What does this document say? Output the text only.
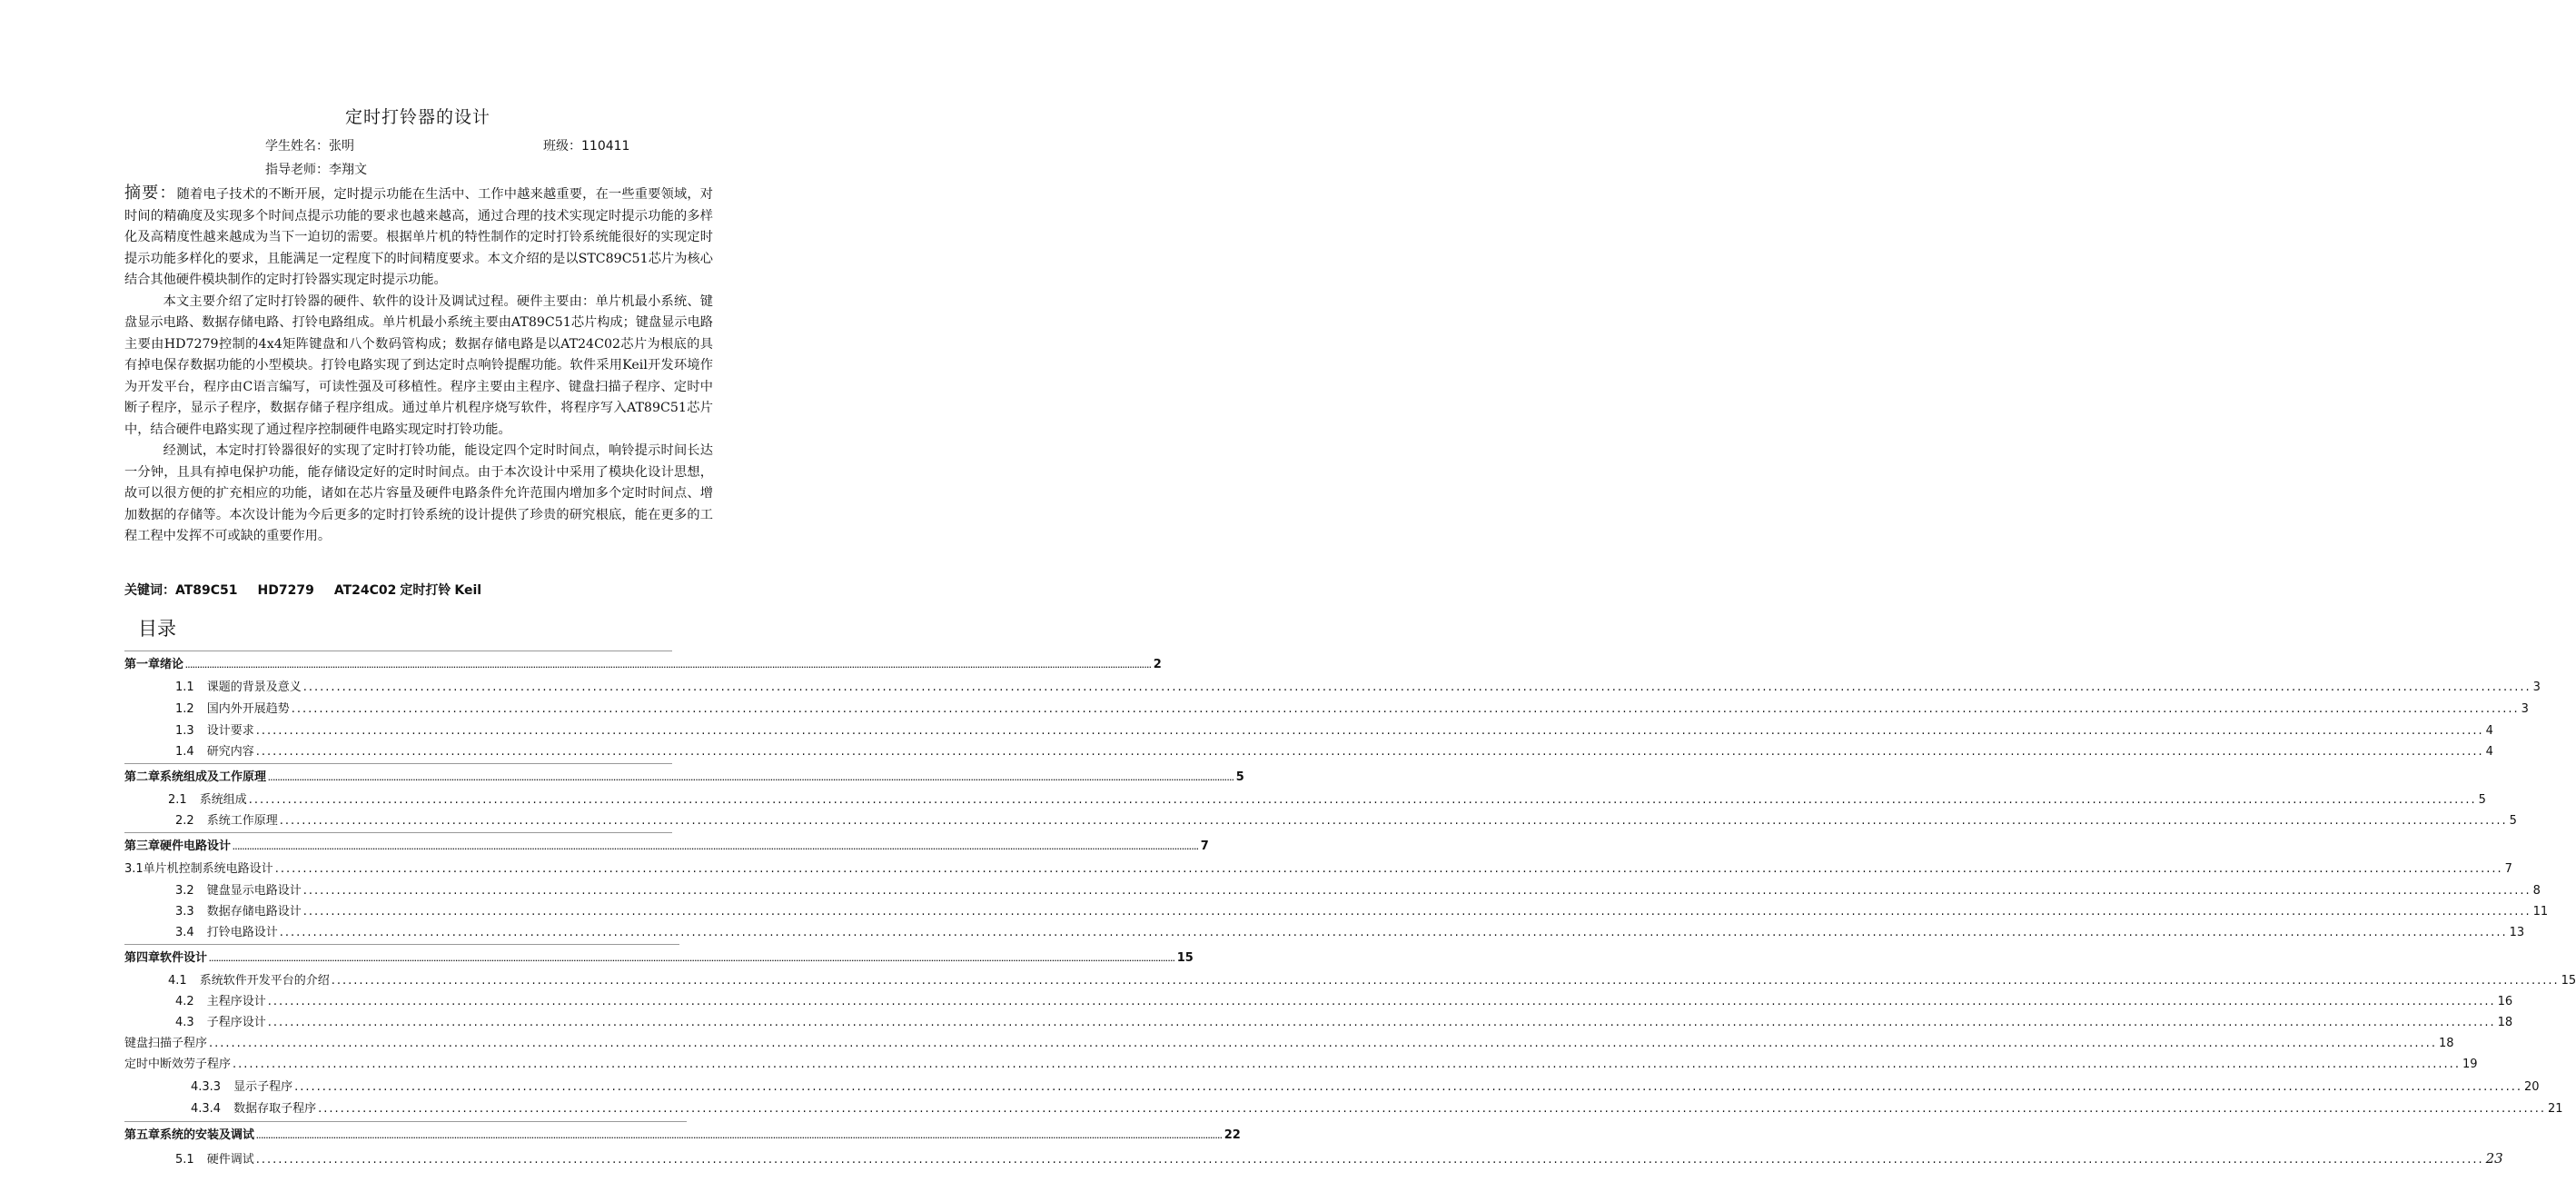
定时打铃器的设计
学生姓名：张明	班级：110411
指导老师：李翔文

摘要：随着电子技术的不断开展，定时提示功能在生活中、工作中越来越重要，在一些重要领域，对时间的精确度及实现多个时间点提示功能的要求也越来越高，通过合理的技术实现定时提示功能的多样化及高精度性越来越成为当下一迫切的需要。根据单片机的特性制作的定时打铃系统能很好的实现定时提示功能多样化的要求，且能满足一定程度下的时间精度要求。本文介绍的是以STC89C51芯片为核心结合其他硬件模块制作的定时打铃器实现定时提示功能。

本文主要介绍了定时打铃器的硬件、软件的设计及调试过程。硬件主要由：单片机最小系统、键盘显示电路、数据存储电路、打铃电路组成。单片机最小系统主要由AT89C51芯片构成；键盘显示电路主要由HD7279控制的4x4矩阵键盘和八个数码管构成；数据存储电路是以AT24C02芯片为根底的具有掉电保存数据功能的小型模块。打铃电路实现了到达定时点响铃提醒功能。软件采用Keil开发环境作为开发平台，程序由C语言编写，可读性强及可移植性。程序主要由主程序、键盘扫描子程序、定时中断子程序，显示子程序，数据存储子程序组成。通过单片机程序烧写软件，将程序写入AT89C51芯片中，结合硬件电路实现了通过程序控制硬件电路实现定时打铃功能。

经测试，本定时打铃器很好的实现了定时打铃功能，能设定四个定时时间点，响铃提示时间长达一分钟，且具有掉电保护功能，能存储设定好的定时时间点。由于本次设计中采用了模块化设计思想，故可以很方便的扩充相应的功能，诸如在芯片容量及硬件电路条件允许范围内增加多个定时时间点、增加数据的存储等。本次设计能为今后更多的定时打铃系统的设计提供了珍贵的研究根底，能在更多的工程工程中发挥不可或缺的重要作用。

关键词：AT89C51 HD7279 AT24C02 定时打铃 Keil
目录
第一章绪论 ................................................................................................................................................................................................................................................................................................................................................................................................................ 2
1.1 课题的背景及意义 ................................................................................................................................................................................................................................................................................................................................................................................................................ 3
1.2 国内外开展趋势 ................................................................................................................................................................................................................................................................................................................................................................................................................ 3
1.3 设计要求 ................................................................................................................................................................................................................................................................................................................................................................................................................ 4
1.4 研究内容 ................................................................................................................................................................................................................................................................................................................................................................................................................ 4
第二章系统组成及工作原理 ................................................................................................................................................................................................................................................................................................................................................................................................................ 5
2.1 系统组成 ................................................................................................................................................................................................................................................................................................................................................................................................................ 5
2.2 系统工作原理 ................................................................................................................................................................................................................................................................................................................................................................................................................ 5
第三章硬件电路设计 ................................................................................................................................................................................................................................................................................................................................................................................................................ 7
3.1单片机控制系统电路设计 ................................................................................................................................................................................................................................................................................................................................................................................................................ 7
3.2 键盘显示电路设计 ................................................................................................................................................................................................................................................................................................................................................................................................................ 8
3.3 数据存储电路设计 ................................................................................................................................................................................................................................................................................................................................................................................................................ 11
3.4 打铃电路设计 ................................................................................................................................................................................................................................................................................................................................................................................................................ 13
第四章软件设计 ................................................................................................................................................................................................................................................................................................................................................................................................................ 15
4.1 系统软件开发平台的介绍 ................................................................................................................................................................................................................................................................................................................................................................................................................ 15
4.2 主程序设计 ................................................................................................................................................................................................................................................................................................................................................................................................................ 16
4.3 子程序设计 ................................................................................................................................................................................................................................................................................................................................................................................................................ 18
键盘扫描子程序 ................................................................................................................................................................................................................................................................................................................................................................................................................ 18
定时中断效劳子程序 ................................................................................................................................................................................................................................................................................................................................................................................................................ 19
4.3.3 显示子程序 ................................................................................................................................................................................................................................................................................................................................................................................................................ 20
4.3.4 数据存取子程序 ................................................................................................................................................................................................................................................................................................................................................................................................................ 21
第五章系统的安装及调试 ................................................................................................................................................................................................................................................................................................................................................................................................................ 22
5.1 硬件调试 ................................................................................................................................................................................................................................................................................................................................................................................................................ 23
